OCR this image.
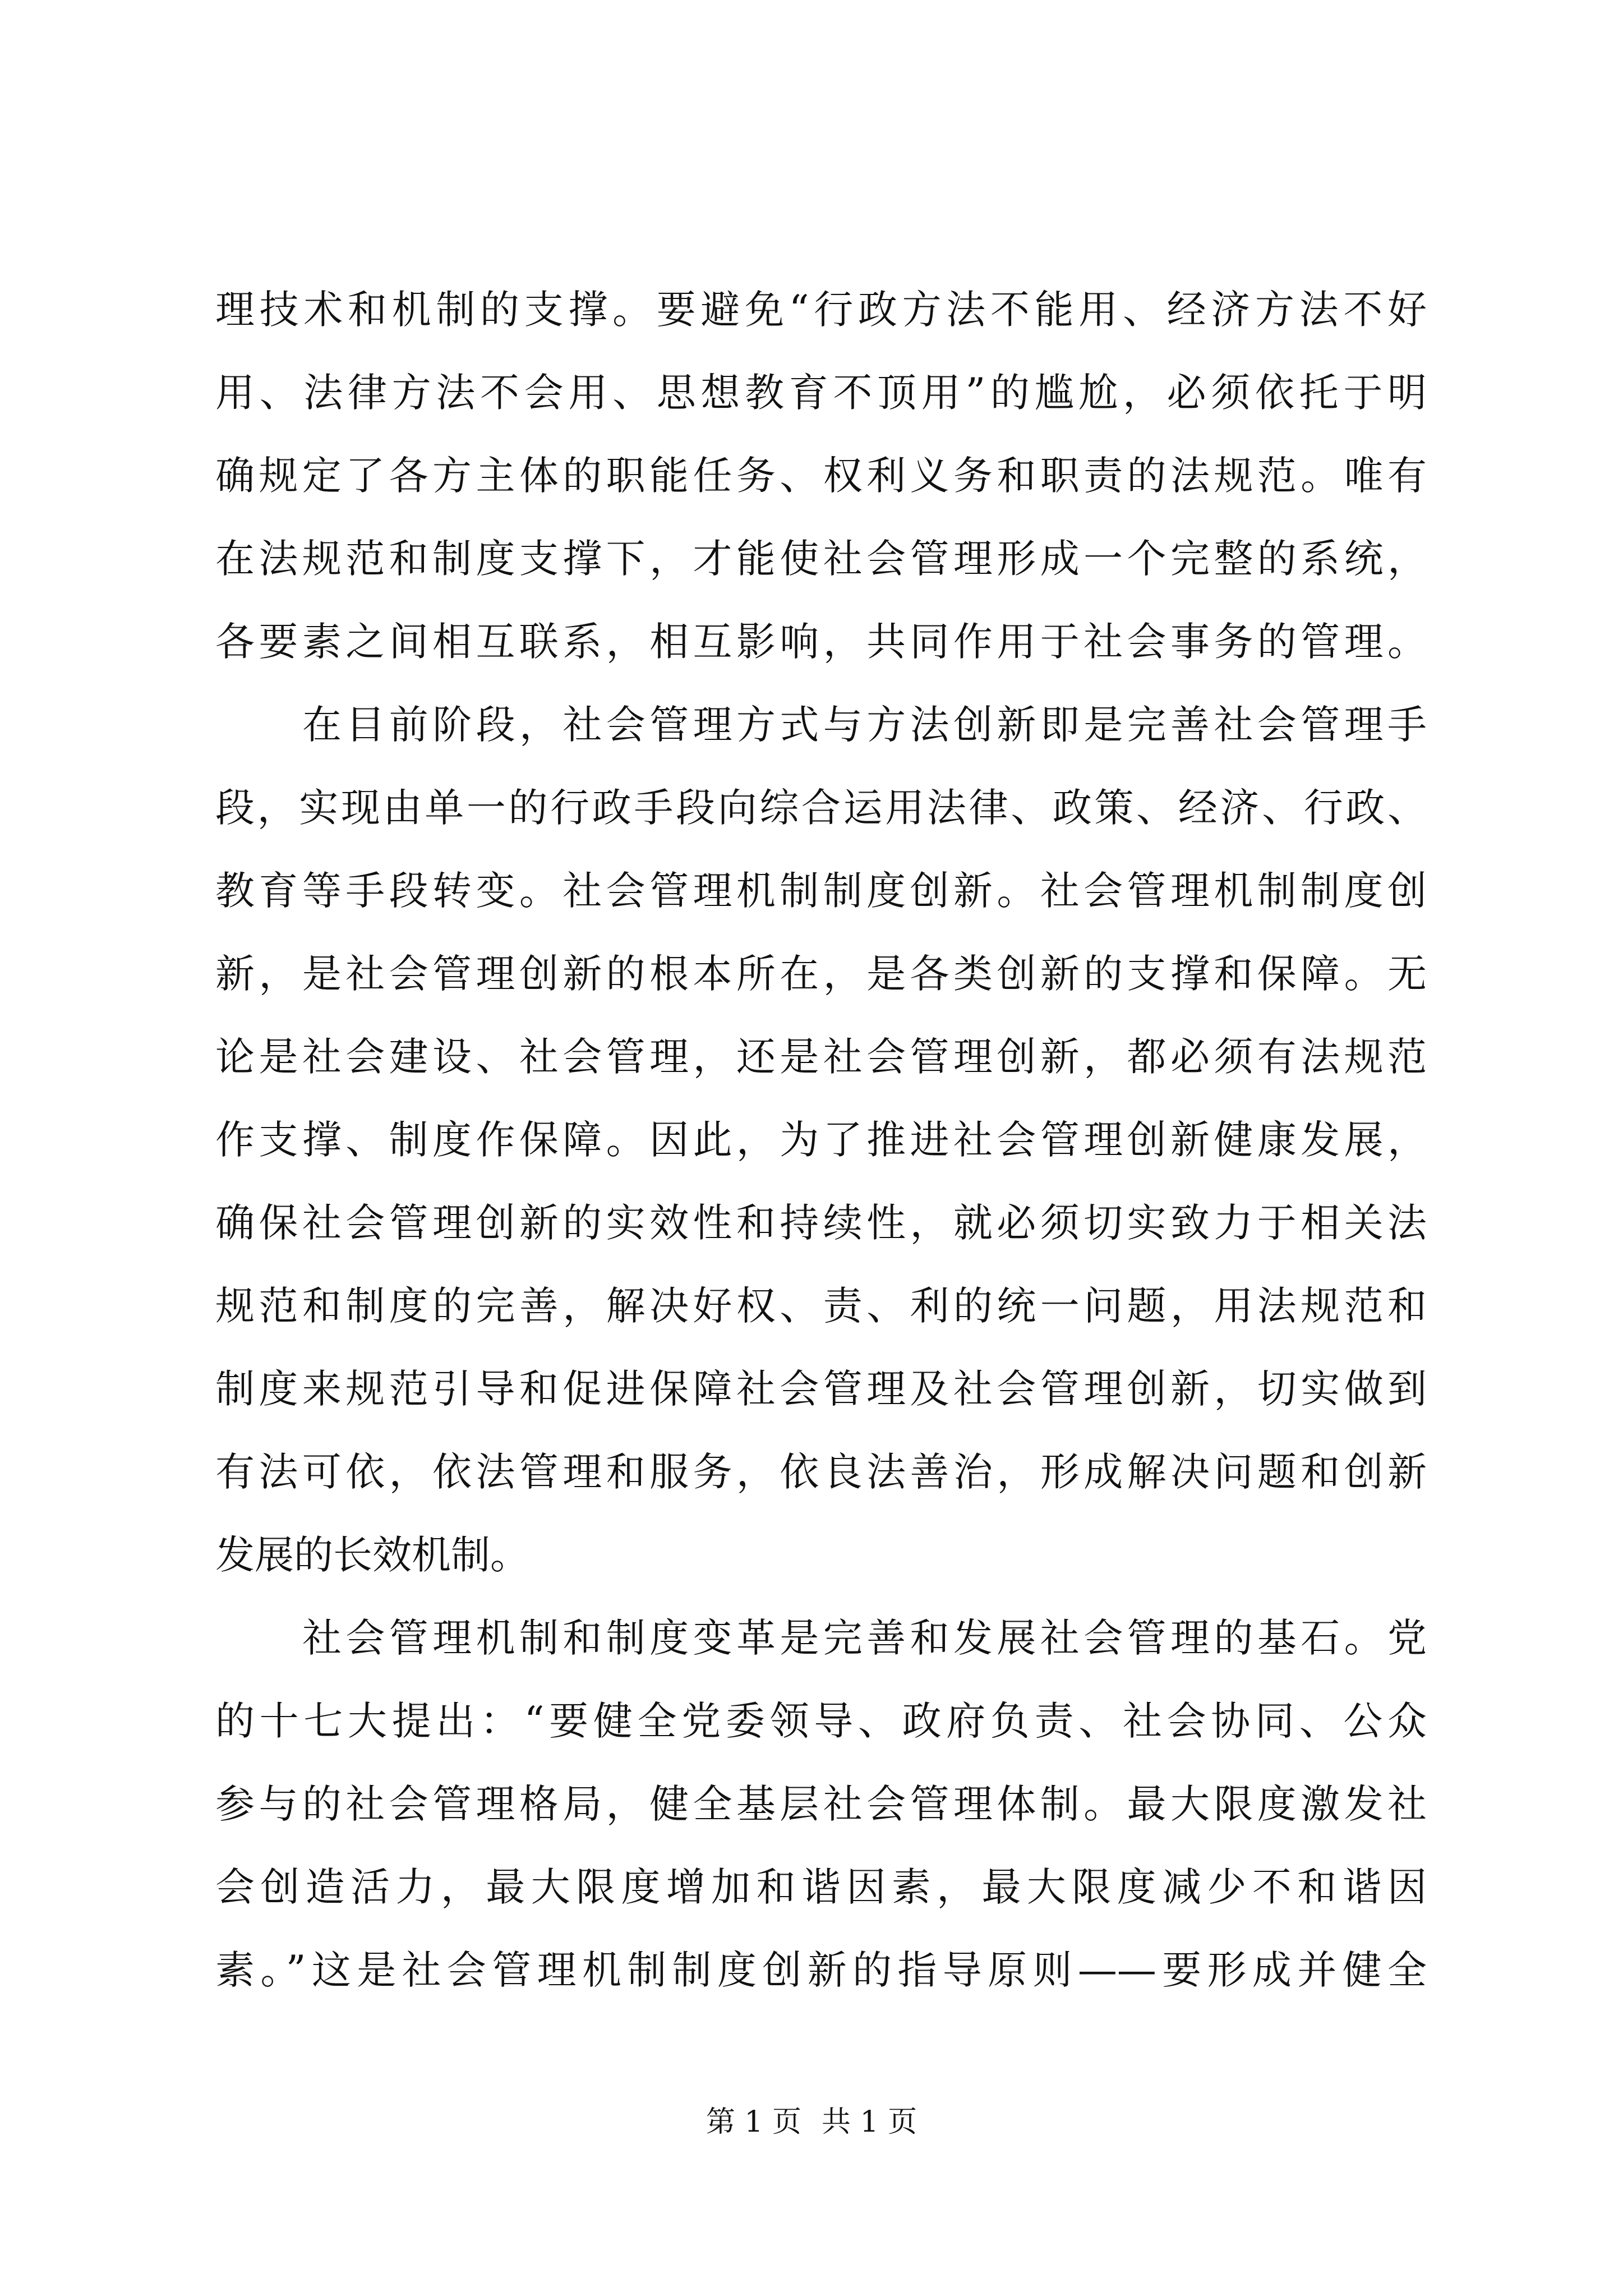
理技术和机制的支撑。要避免“行政方法不能用、经济方法不好
用、法律方法不会用、思想教育不顶用”的尴尬，必须依托于明
确规定了各方主体的职能任务、权利义务和职责的法规范。唯有
在法规范和制度支撑下，才能使社会管理形成一个完整的系统，
各要素之间相互联系，相互影响，共同作用于社会事务的管理。
在目前阶段，社会管理方式与方法创新即是完善社会管理手
段，实现由单一的行政手段向综合运用法律、政策、经济、行政、
教育等手段转变。社会管理机制制度创新。社会管理机制制度创
新，是社会管理创新的根本所在，是各类创新的支撑和保障。无
论是社会建设、社会管理，还是社会管理创新，都必须有法规范
作支撑、制度作保障。因此，为了推进社会管理创新健康发展，
确保社会管理创新的实效性和持续性，就必须切实致力于相关法
规范和制度的完善，解决好权、责、利的统一问题，用法规范和
制度来规范引导和促进保障社会管理及社会管理创新，切实做到
有法可依，依法管理和服务，依良法善治，形成解决问题和创新
发展的长效机制。
社会管理机制和制度变革是完善和发展社会管理的基石。党
的十七大提出：“要健全党委领导、政府负责、社会协同、公众
参与的社会管理格局，健全基层社会管理体制。最大限度激发社
会创造活力，最大限度增加和谐因素，最大限度减少不和谐因
素。”这是社会管理机制制度创新的指导原则——要形成并健全
第 1 页 共 1 页
